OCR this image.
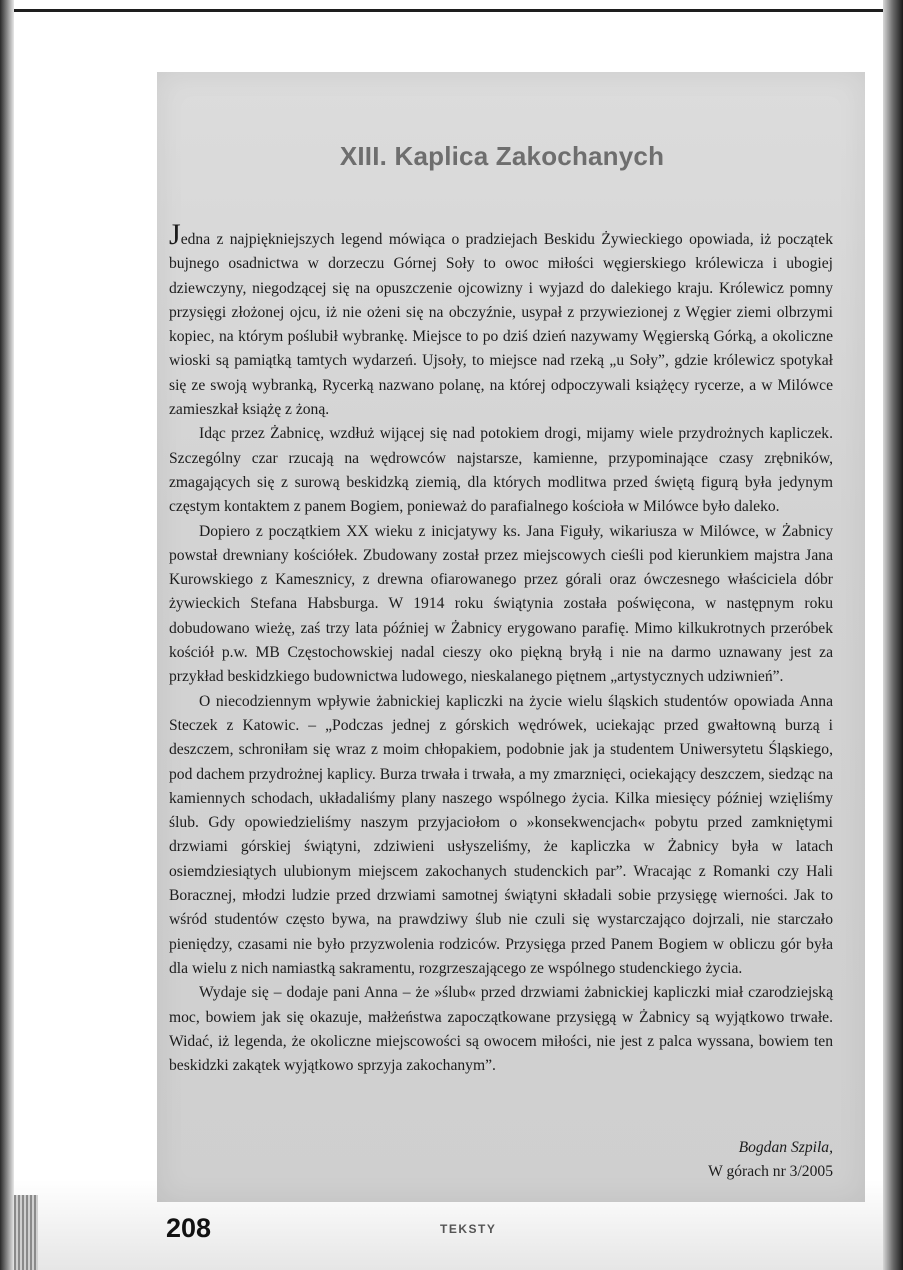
XIII. Kaplica Zakochanych

Jedna z najpiękniejszych legend mówiąca o pradziejach Beskidu Żywieckiego opowiada, iż początek bujnego osadnictwa w dorzeczu Górnej Soły to owoc miłości węgierskiego królewicza i ubogiej dziewczyny, niegodzącej się na opuszczenie ojcowizny i wyjazd do dalekiego kraju. Królewicz pomny przysięgi złożonej ojcu, iż nie ożeni się na obczyźnie, usypał z przywiezionej z Węgier ziemi olbrzymi kopiec, na którym poślubił wybrankę. Miejsce to po dziś dzień nazywamy Węgierską Górką, a okoliczne wioski są pamiątką tamtych wydarzeń. Ujsoły, to miejsce nad rzeką „u Soły”, gdzie królewicz spotykał się ze swoją wybranką, Rycerką nazwano polanę, na której odpoczywali książęcy rycerze, a w Milówce zamieszkał książę z żoną.

Idąc przez Żabnicę, wzdłuż wijącej się nad potokiem drogi, mijamy wiele przydrożnych kapliczek. Szczególny czar rzucają na wędrowców najstarsze, kamienne, przypominające czasy zrębników, zmagających się z surową beskidzką ziemią, dla których modlitwa przed świętą figurą była jedynym częstym kontaktem z panem Bogiem, ponieważ do parafialnego kościoła w Milówce było daleko.

Dopiero z początkiem XX wieku z inicjatywy ks. Jana Figuły, wikariusza w Milówce, w Żabnicy powstał drewniany kościółek. Zbudowany został przez miejscowych cieśli pod kierunkiem majstra Jana Kurowskiego z Kamesznicy, z drewna ofiarowanego przez górali oraz ówczesnego właściciela dóbr żywieckich Stefana Habsburga. W 1914 roku świątynia została poświęcona, w następnym roku dobudowano wieżę, zaś trzy lata później w Żabnicy erygowano parafię. Mimo kilkukrotnych przeróbek kościół p.w. MB Częstochowskiej nadal cieszy oko piękną bryłą i nie na darmo uznawany jest za przykład beskidzkiego budownictwa ludowego, nieskalanego piętnem „artystycznych udziwnień”.

O niecodziennym wpływie żabnickiej kapliczki na życie wielu śląskich studentów opowiada Anna Steczek z Katowic. – „Podczas jednej z górskich wędrówek, uciekając przed gwałtowną burzą i deszczem, schroniłam się wraz z moim chłopakiem, podobnie jak ja studentem Uniwersytetu Śląskiego, pod dachem przydrożnej kaplicy. Burza trwała i trwała, a my zmarznięci, ociekający deszczem, siedząc na kamiennych schodach, układaliśmy plany naszego wspólnego życia. Kilka miesięcy później wzięliśmy ślub. Gdy opowiedzieliśmy naszym przyjaciołom o »konsekwencjach« pobytu przed zamkniętymi drzwiami górskiej świątyni, zdziwieni usłyszeliśmy, że kapliczka w Żabnicy była w latach osiemdziesiątych ulubionym miejscem zakochanych studenckich par”. Wracając z Romanki czy Hali Boracznej, młodzi ludzie przed drzwiami samotnej świątyni składali sobie przysięgę wierności. Jak to wśród studentów często bywa, na prawdziwy ślub nie czuli się wystarczająco dojrzali, nie starczało pieniędzy, czasami nie było przyzwolenia rodziców. Przysięga przed Panem Bogiem w obliczu gór była dla wielu z nich namiastką sakramentu, rozgrzeszającego ze wspólnego studenckiego życia.

Wydaje się – dodaje pani Anna – że »ślub« przed drzwiami żabnickiej kapliczki miał czarodziejską moc, bowiem jak się okazuje, małżeństwa zapoczątkowane przysięgą w Żabnicy są wyjątkowo trwałe. Widać, iż legenda, że okoliczne miejscowości są owocem miłości, nie jest z palca wyssana, bowiem ten beskidzki zakątek wyjątkowo sprzyja zakochanym”.

Bogdan Szpila,
W górach nr 3/2005
208	TEKSTY
